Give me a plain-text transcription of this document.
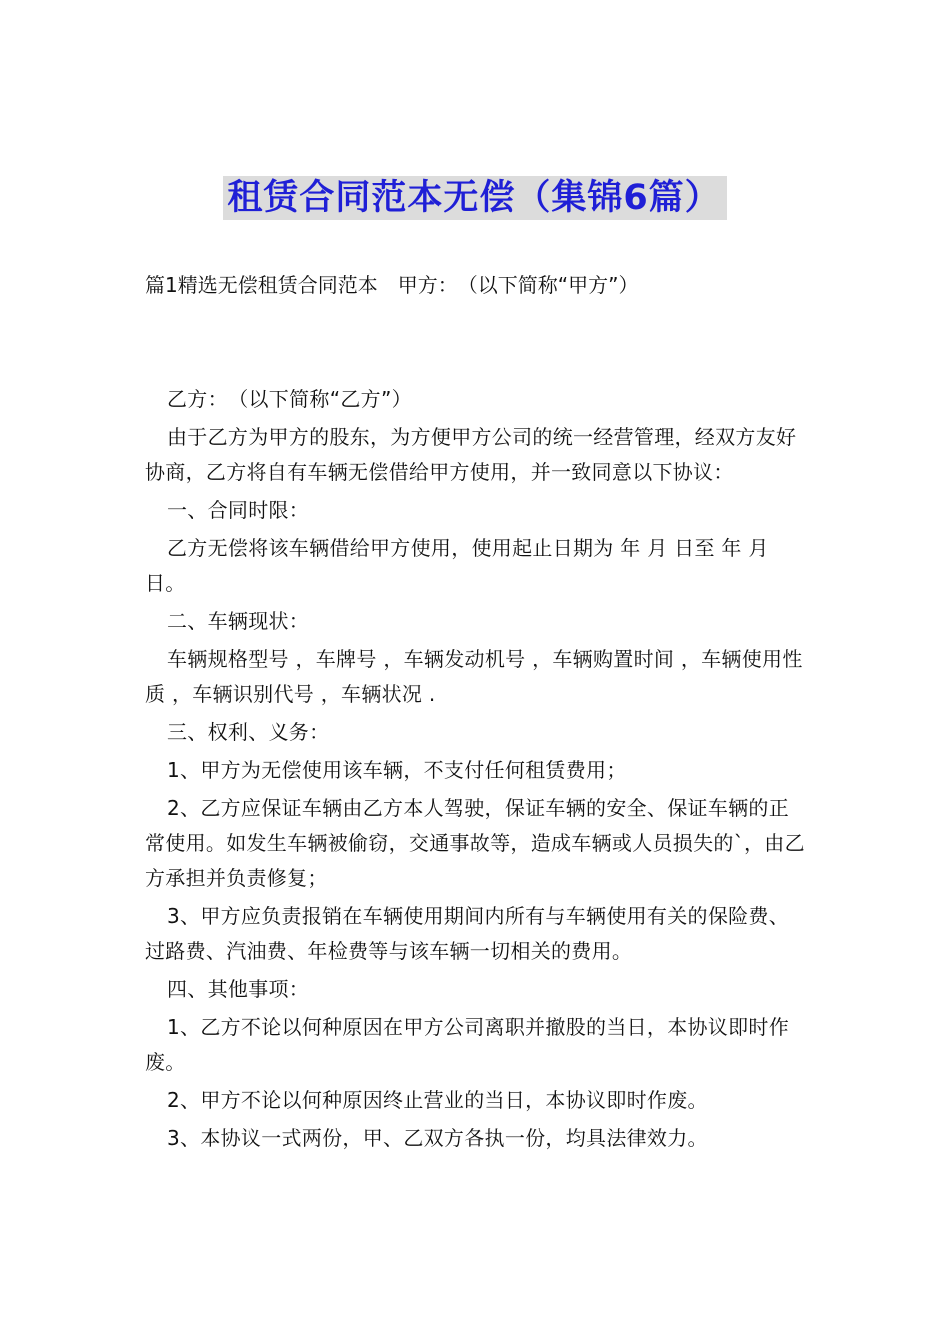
租赁合同范本无偿（集锦6篇）
篇1精选无偿租赁合同范本　甲方：　（以下简称“甲方”）

乙方：　（以下简称“乙方”）

由于乙方为甲方的股东，为方便甲方公司的统一经营管理，经双方友好协商，乙方将自有车辆无偿借给甲方使用，并一致同意以下协议：

一、合同时限：

乙方无偿将该车辆借给甲方使用，使用起止日期为 年 月 日至 年 月 日。

二、车辆现状：

车辆规格型号 ，车牌号 ，车辆发动机号 ，车辆购置时间 ，车辆使用性质 ，车辆识别代号 ，车辆状况 .

三、权利、义务：

1、甲方为无偿使用该车辆，不支付任何租赁费用；

2、乙方应保证车辆由乙方本人驾驶，保证车辆的安全、保证车辆的正常使用。如发生车辆被偷窃，交通事故等，造成车辆或人员损失的`，由乙方承担并负责修复；

3、甲方应负责报销在车辆使用期间内所有与车辆使用有关的保险费、过路费、汽油费、年检费等与该车辆一切相关的费用。

四、其他事项：

1、乙方不论以何种原因在甲方公司离职并撤股的当日，本协议即时作废。

2、甲方不论以何种原因终止营业的当日，本协议即时作废。

3、本协议一式两份，甲、乙双方各执一份，均具法律效力。
